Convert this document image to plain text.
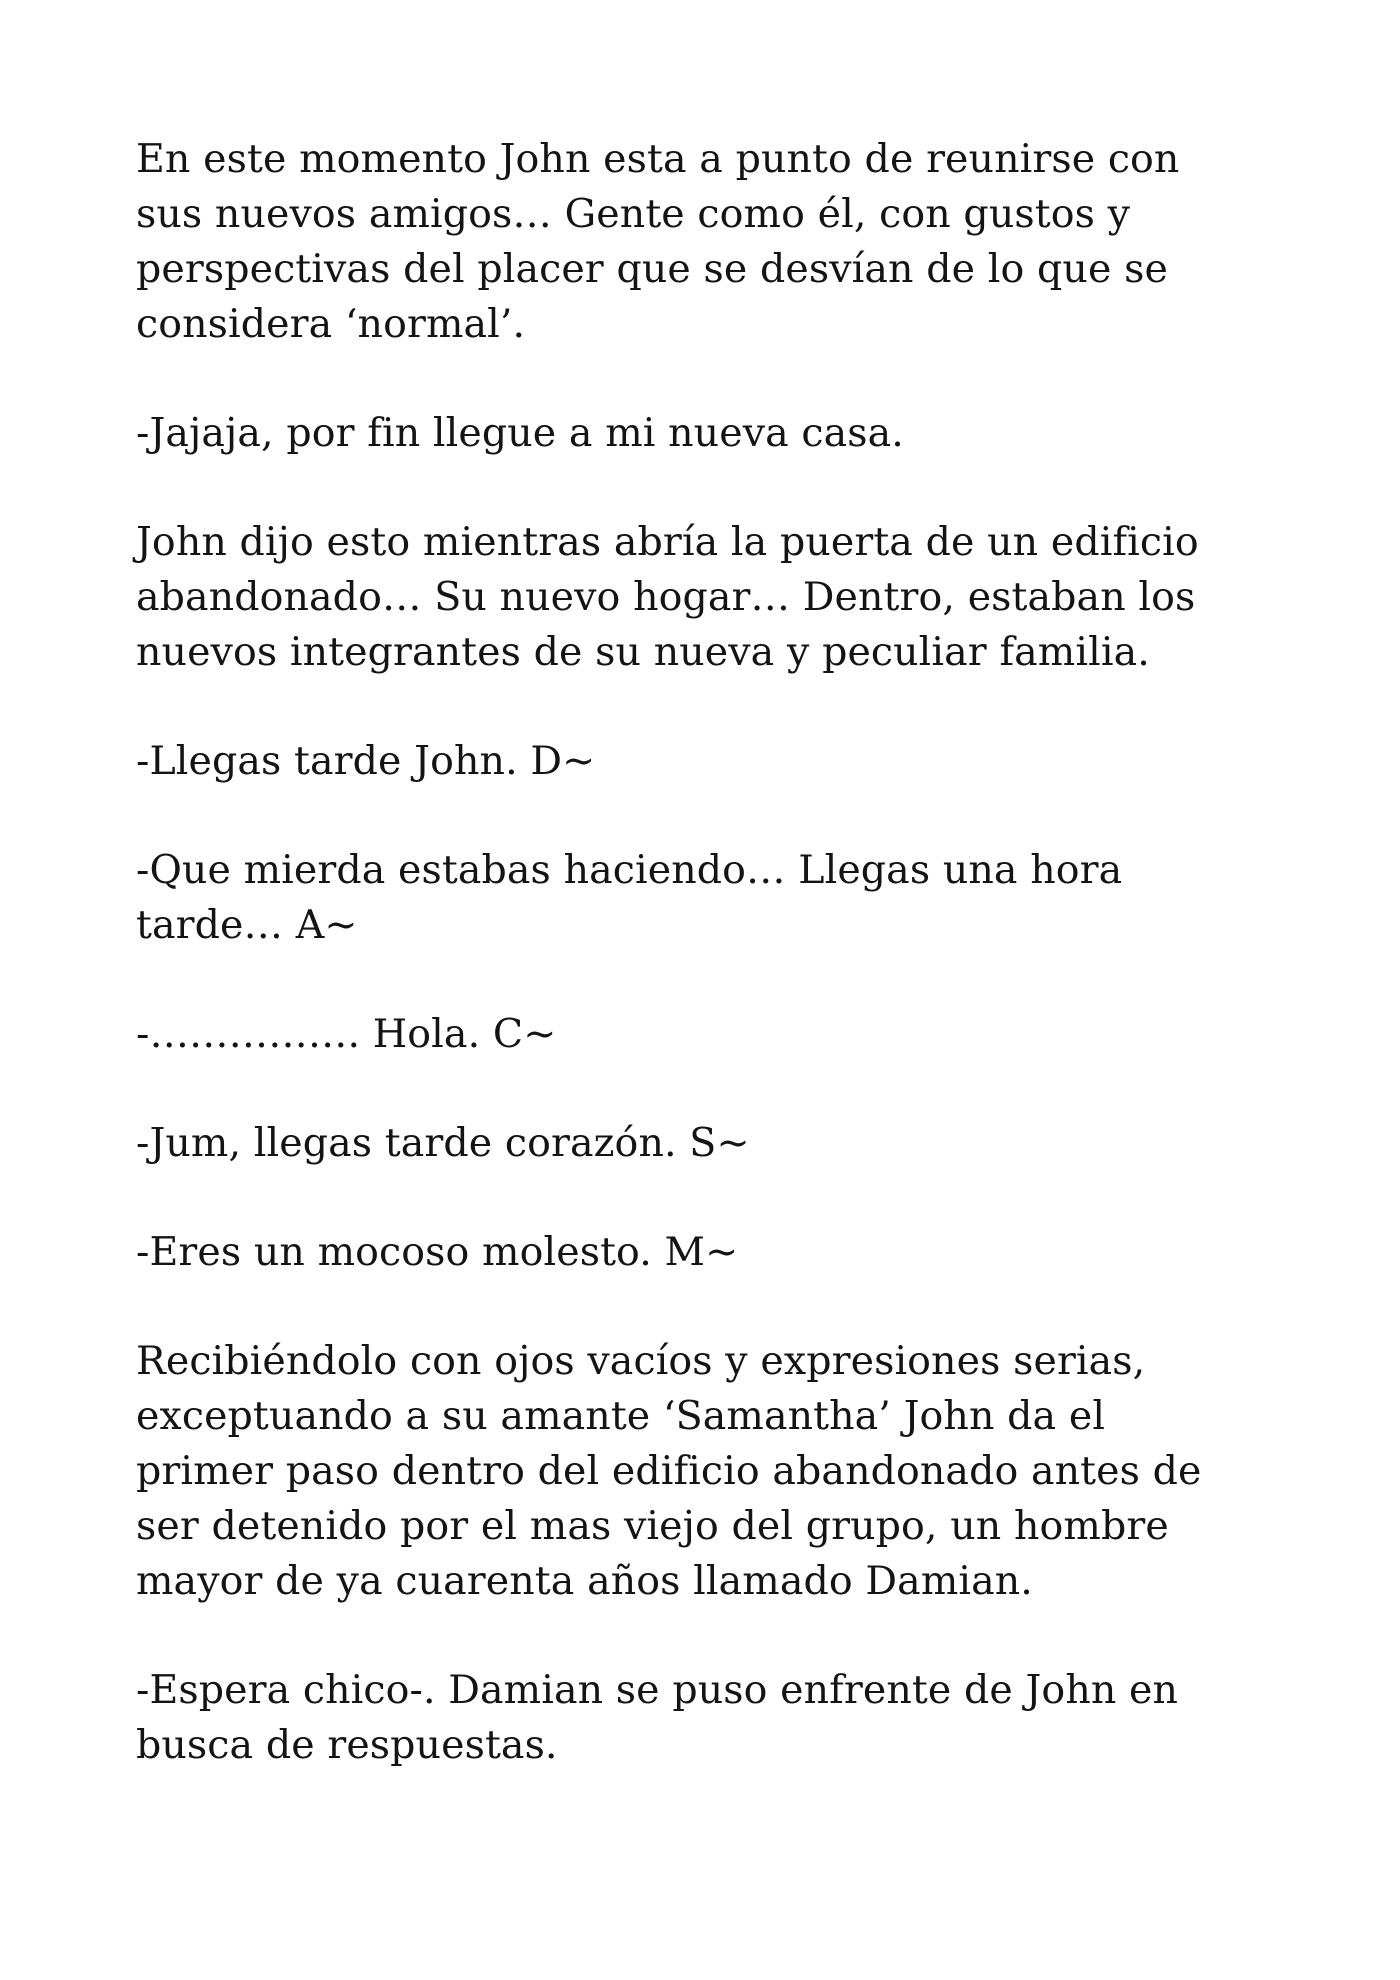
En este momento John esta a punto de reunirse con
sus nuevos amigos… Gente como él, con gustos y
perspectivas del placer que se desvían de lo que se
considera ‘normal’.

-Jajaja, por fin llegue a mi nueva casa.

John dijo esto mientras abría la puerta de un edificio
abandonado… Su nuevo hogar… Dentro, estaban los
nuevos integrantes de su nueva y peculiar familia.

-Llegas tarde John. D~

-Que mierda estabas haciendo… Llegas una hora
tarde… A~

-……………. Hola. C~

-Jum, llegas tarde corazón. S~

-Eres un mocoso molesto. M~

Recibiéndolo con ojos vacíos y expresiones serias,
exceptuando a su amante ‘Samantha’ John da el
primer paso dentro del edificio abandonado antes de
ser detenido por el mas viejo del grupo, un hombre
mayor de ya cuarenta años llamado Damian.

-Espera chico-. Damian se puso enfrente de John en
busca de respuestas.
